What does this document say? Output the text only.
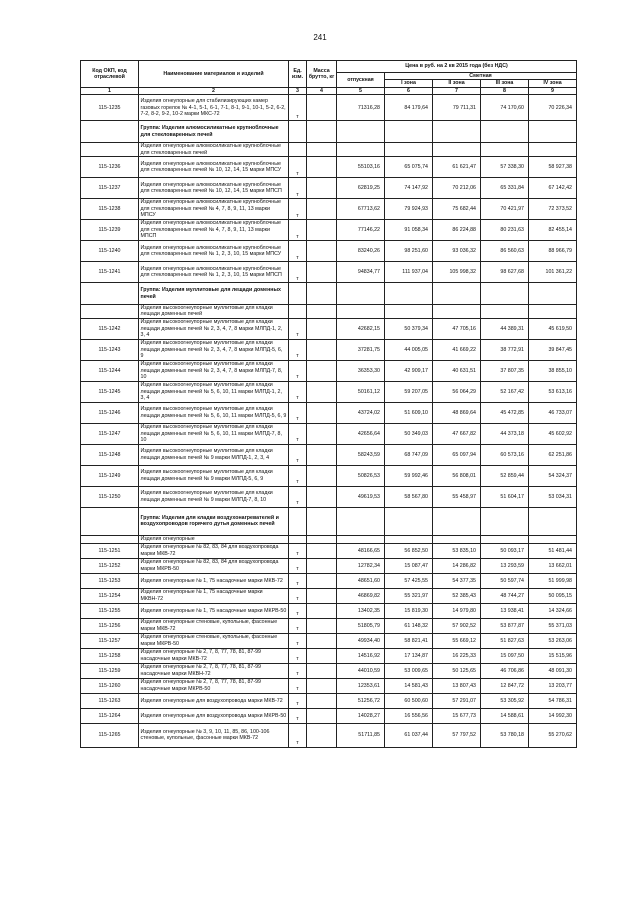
241
Код ОКП, код отраслевой	Наименование материалов и изделий	Ед. изм.	Масса брутто, кг	Цена в руб. на 2 кв 2015 года (без НДС)				
				отпускная	Сметная			
					I зона	II зона	III зона	IV зона
1	2	3	4	5	6	7	8	9
115-1235	Изделия огнеупорные для стабилизирующих камер газовых горелок № 4-1, 5-1, 6-1, 7-1, 8-1, 9-1, 10-1, 5-2, 6-2, 7-2, 8-2, 9-2, 10-2 марки МКС-72	т		71316,28	84 179,64	79 711,31	74 170,60	70 226,34
	Группа: Изделия алюмосиликатные крупноблочные для стекловаренных печей							
	Изделия огнеупорные алюмосиликатные крупноблочные для стекловаренных печей							
115-1236	Изделия огнеупорные алюмосиликатные крупноблочные для стекловаренных печей № 10, 12, 14, 15 марки МПСУ	т		55103,16	65 075,74	61 621,47	57 338,30	58 927,38
115-1237	Изделия огнеупорные алюмосиликатные крупноблочные для стекловаренных печей № 10, 12, 14, 15 марки МПСП	т		62819,25	74 147,92	70 212,06	65 331,84	67 142,42
115-1238	Изделия огнеупорные алюмосиликатные крупноблочные для стекловаренных печей № 4, 7, 8, 9, 11, 13 марки МПСУ	т		67713,62	79 924,93	75 682,44	70 421,97	72 373,52
115-1239	Изделия огнеупорные алюмосиликатные крупноблочные для стекловаренных печей № 4, 7, 8, 9, 11, 13 марки МПСП	т		77146,22	91 058,34	86 224,88	80 231,63	82 455,14
115-1240	Изделия огнеупорные алюмосиликатные крупноблочные для стекловаренных печей № 1, 2, 3, 10, 15 марки МПСУ	т		83240,26	98 251,60	93 036,32	86 560,63	88 966,79
115-1241	Изделия огнеупорные алюмосиликатные крупноблочные для стекловаренных печей № 1, 2, 3, 10, 15 марки МПСП	т		94834,77	111 937,04	105 998,32	98 627,68	101 361,22
	Группа: Изделия муллитовые для лещади доменных печей							
	Изделия высокоогнеупорные муллитовые для кладки лещади доменных печей							
115-1242	Изделия высокоогнеупорные муллитовые для кладки лещади доменных печей № 2, 3, 4, 7, 8 марки МЛПД-1, 2, 3, 4	т		42682,15	50 379,34	47 705,16	44 389,31	45 619,50
115-1243	Изделия высокоогнеупорные муллитовые для кладки лещади доменных печей № 2, 3, 4, 7, 8 марки МЛПД-5, 6, 9	т		37281,75	44 005,05	41 669,22	38 772,91	39 847,45
115-1244	Изделия высокоогнеупорные муллитовые для кладки лещади доменных печей № 2, 3, 4, 7, 8 марки МЛПД-7, 8, 10	т		36353,30	42 909,17	40 631,51	37 807,35	38 855,10
115-1245	Изделия высокоогнеупорные муллитовые для кладки лещади доменных печей № 5, 6, 10, 11 марки МЛПД-1, 2, 3, 4	т		50161,12	59 207,05	56 064,29	52 167,42	53 613,16
115-1246	Изделия высокоогнеупорные муллитовые для кладки лещади доменных печей № 5, 6, 10, 11 марки МЛПД-5, 6, 9	т		43724,02	51 609,10	48 869,64	45 472,85	46 733,07
115-1247	Изделия высокоогнеупорные муллитовые для кладки лещади доменных печей № 5, 6, 10, 11 марки МЛПД-7, 8, 10	т		42656,64	50 349,03	47 667,82	44 373,18	45 602,92
115-1248	Изделия высокоогнеупорные муллитовые для кладки лещади доменных печей № 9 марки МЛПД-1, 2, 3, 4	т		58243,59	68 747,09	65 097,94	60 573,16	62 251,86
115-1249	Изделия высокоогнеупорные муллитовые для кладки лещади доменных печей № 9 марки МЛПД-5, 6, 9	т		50826,53	59 992,46	56 808,01	52 859,44	54 324,37
115-1250	Изделия высокоогнеупорные муллитовые для кладки лещади доменных печей № 9 марки МЛПД-7, 8, 10	т		49619,53	58 567,80	55 458,97	51 604,17	53 034,31
	Группа: Изделия для кладки воздухонагревателей и воздухопроводов горячего дутья доменных печей							
	Изделия огнеупорные							
115-1251	Изделия огнеупорные № 82, 83, 84 для воздухопровода марки МКВ-72	т		48166,65	56 852,50	53 835,10	50 093,17	51 481,44
115-1252	Изделия огнеупорные № 82, 83, 84 для воздухопровода марки МКРВ-50	т		12782,34	15 087,47	14 286,82	13 293,59	13 662,01
115-1253	Изделия огнеупорные № 1, 75 насадочные марки МКВ-72	т		48651,60	57 425,55	54 377,35	50 597,74	51 999,98
115-1254	Изделия огнеупорные № 1, 75 насадочные марки МКВН-72	т		46869,82	55 321,97	52 385,43	48 744,27	50 095,15
115-1255	Изделия огнеупорные № 1, 75 насадочные марки МКРВ-50	т		13402,35	15 819,30	14 979,80	13 938,41	14 324,66
115-1256	Изделия огнеупорные стеновые, купольные, фасонные марки МКВ-72	т		51805,79	61 148,32	57 902,52	53 877,87	55 371,03
115-1257	Изделия огнеупорные стеновые, купольные, фасонные марки МКРВ-50	т		49934,40	58 821,41	55 669,12	51 827,63	53 263,06
115-1258	Изделия огнеупорные № 2, 7, 8, 77, 78, 81, 87-99 насадочные марки МКВ-72	т		14516,92	17 134,87	16 225,33	15 097,50	15 515,96
115-1259	Изделия огнеупорные № 2, 7, 8, 77, 78, 81, 87-99 насадочные марки МКВН-72	т		44010,59	53 009,65	50 125,65	46 706,86	48 091,30
115-1260	Изделия огнеупорные № 2, 7, 8, 77, 78, 81, 87-99 насадочные марки МКРВ-50	т		12353,61	14 581,43	13 807,43	12 847,72	13 203,77
115-1263	Изделия огнеупорные для воздухопровода марки МКВ-72	т		51256,72	60 500,60	57 291,07	53 305,92	54 786,31
115-1264	Изделия огнеупорные для воздухопровода марки МКРВ-50	т		14028,27	16 556,56	15 677,73	14 588,61	14 992,30
115-1265	Изделия огнеупорные № 3, 9, 10, 11, 85, 86, 100-106 стеновые, купольные, фасонные марки МКВ-72	т		51711,85	61 037,44	57 797,52	53 780,18	55 270,62
